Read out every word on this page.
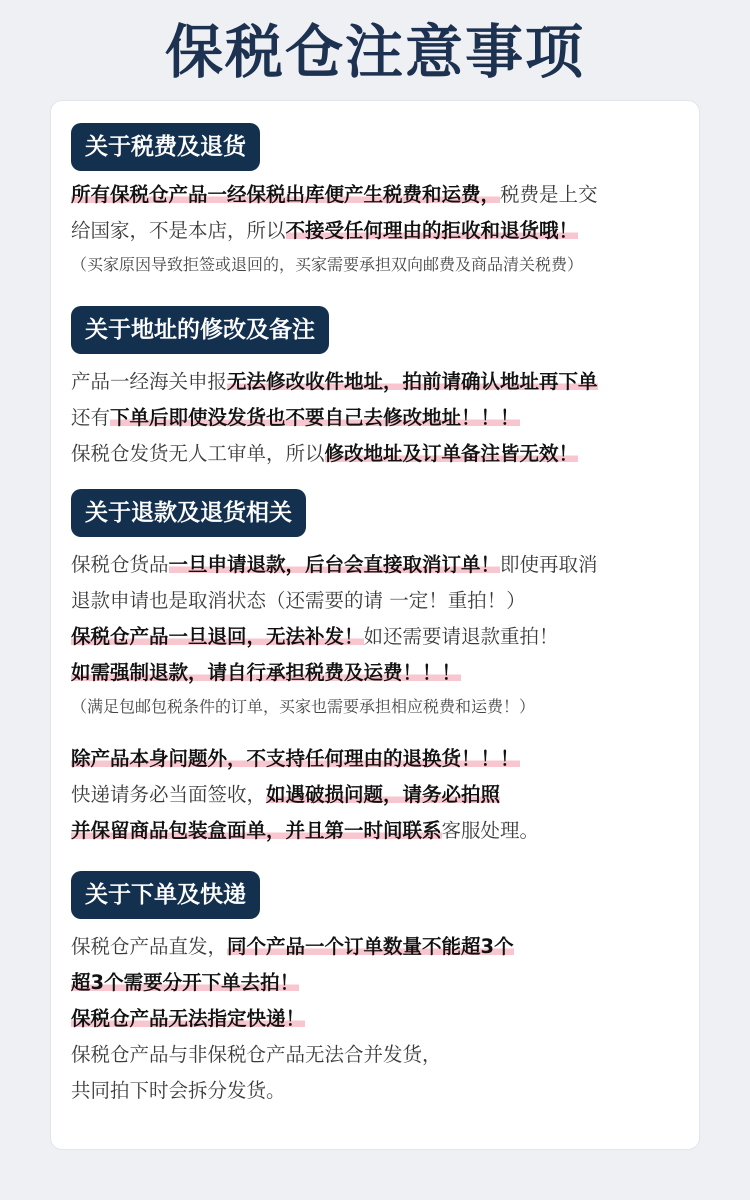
保税仓注意事项
关于税费及退货
所有保税仓产品一经保税出库便产生税费和运费，税费是上交
给国家，不是本店，所以不接受任何理由的拒收和退货哦！
（买家原因导致拒签或退回的，买家需要承担双向邮费及商品清关税费）
关于地址的修改及备注
产品一经海关申报无法修改收件地址，拍前请确认地址再下单
还有下单后即使没发货也不要自己去修改地址！！！
保税仓发货无人工审单，所以修改地址及订单备注皆无效！
关于退款及退货相关
保税仓货品一旦申请退款，后台会直接取消订单！即使再取消
退款申请也是取消状态（还需要的请 一定！重拍！）
保税仓产品一旦退回，无法补发！如还需要请退款重拍！
如需强制退款，请自行承担税费及运费！！！
（满足包邮包税条件的订单，买家也需要承担相应税费和运费！）
除产品本身问题外，不支持任何理由的退换货！！！
快递请务必当面签收，如遇破损问题，请务必拍照
并保留商品包装盒面单，并且第一时间联系客服处理。
关于下单及快递
保税仓产品直发，同个产品一个订单数量不能超3个
超3个需要分开下单去拍！
保税仓产品无法指定快递！
保税仓产品与非保税仓产品无法合并发货，
共同拍下时会拆分发货。
